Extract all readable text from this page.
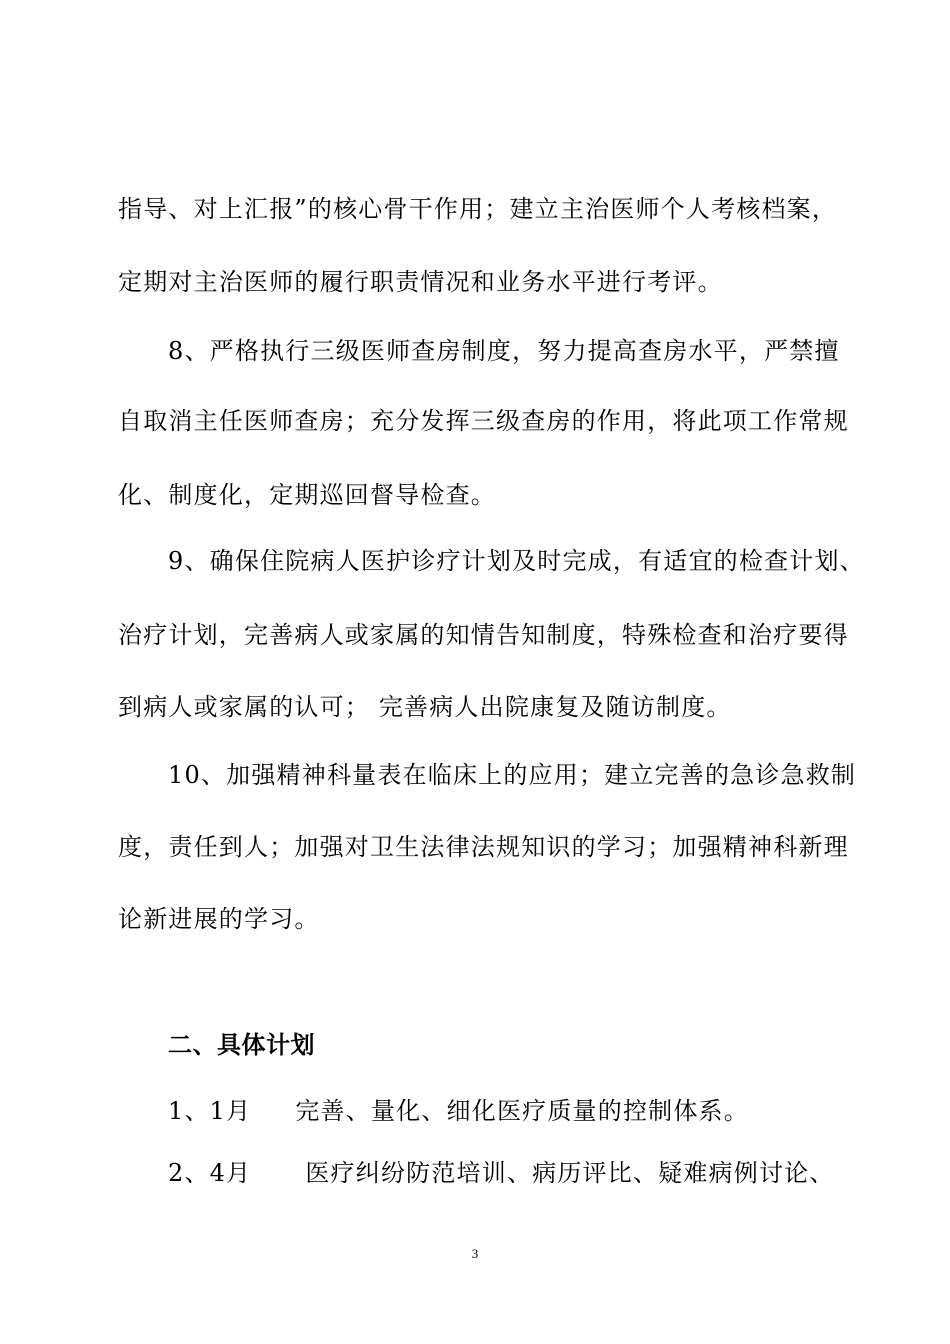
指导、对上汇报”的核心骨干作用；建立主治医师个人考核档案，
定期对主治医师的履行职责情况和业务水平进行考评。
8、严格执行三级医师查房制度，努力提高查房水平，严禁擅
自取消主任医师查房；充分发挥三级查房的作用，将此项工作常规
化、制度化，定期巡回督导检查。
9、确保住院病人医护诊疗计划及时完成，有适宜的检查计划、
治疗计划，完善病人或家属的知情告知制度，特殊检查和治疗要得
到病人或家属的认可； 完善病人出院康复及随访制度。
10、加强精神科量表在临床上的应用；建立完善的急诊急救制
度，责任到人；加强对卫生法律法规知识的学习；加强精神科新理
论新进展的学习。
二、具体计划
1、1月 完善、量化、细化医疗质量的控制体系。
2、4月 医疗纠纷防范培训、病历评比、疑难病例讨论、
3
